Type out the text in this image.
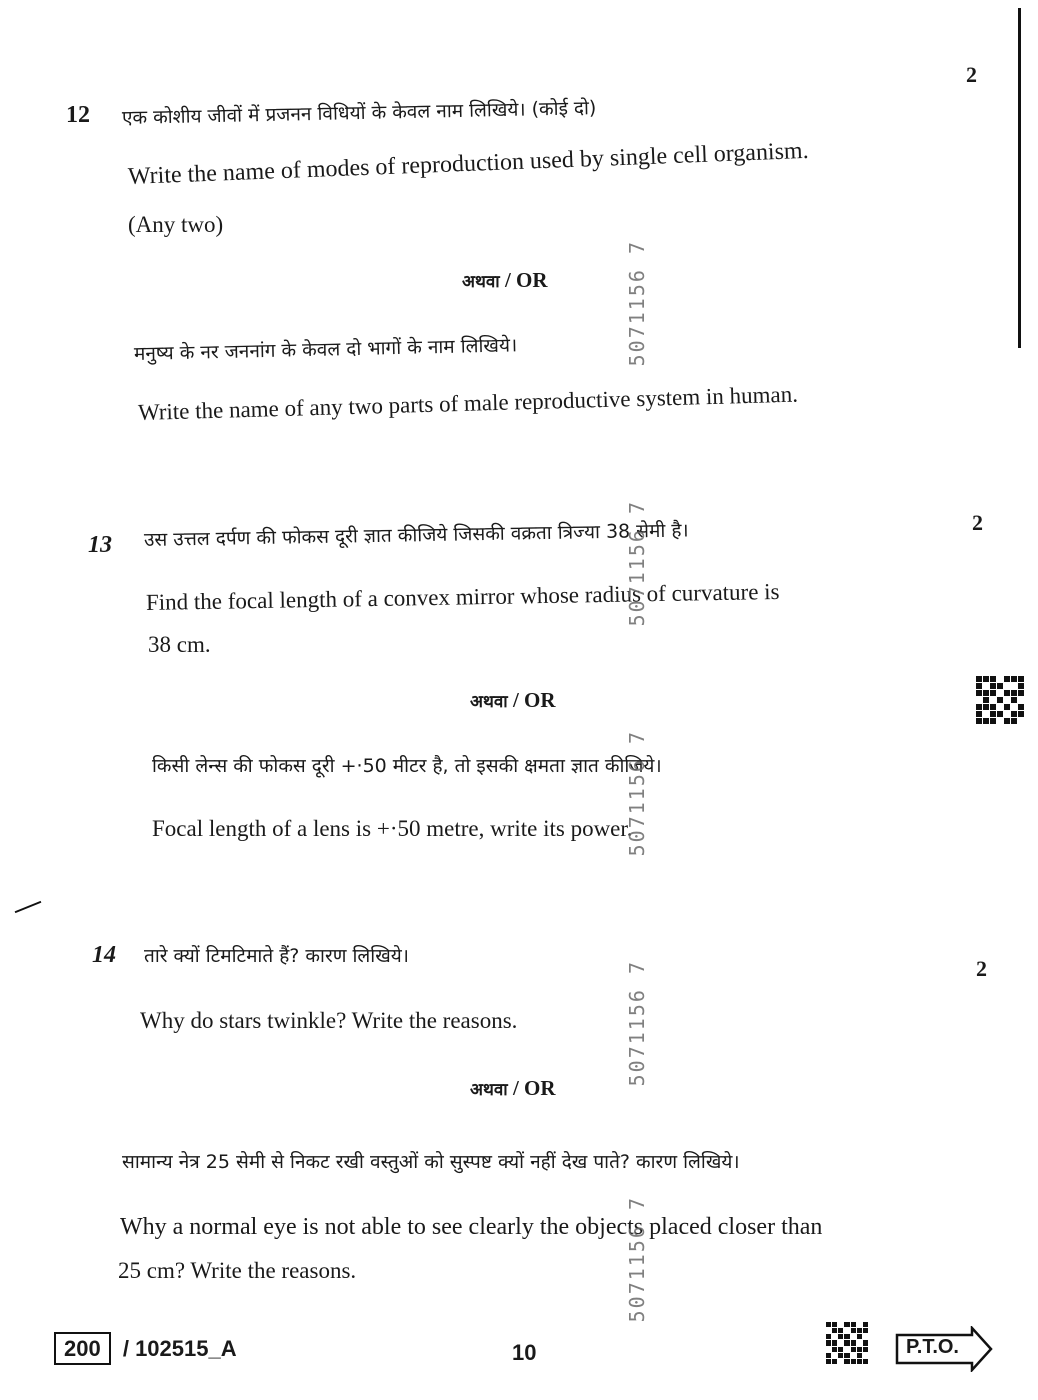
2
12 एक कोशीय जीवों में प्रजनन विधियों के केवल नाम लिखिये। (कोई दो)
Write the name of modes of reproduction used by single cell organism.
(Any two)
अथवा / OR
मनुष्य के नर जननांग के केवल दो भागों के नाम लिखिये।
Write the name of any two parts of male reproductive system in human.
2
13 उस उत्तल दर्पण की फोकस दूरी ज्ञात कीजिये जिसकी वक्रता त्रिज्या 38 सेमी है।
Find the focal length of a convex mirror whose radius of curvature is
38 cm.
अथवा / OR
किसी लेन्स की फोकस दूरी +·50 मीटर है, तो इसकी क्षमता ज्ञात कीजिये।
Focal length of a lens is +·50 metre, write its power.
2
14 तारे क्यों टिमटिमाते हैं? कारण लिखिये।
Why do stars twinkle? Write the reasons.
अथवा / OR
सामान्य नेत्र 25 सेमी से निकट रखी वस्तुओं को सुस्पष्ट क्यों नहीं देख पाते? कारण लिखिये।
Why a normal eye is not able to see clearly the objects placed closer than
25 cm? Write the reasons.
5071156 7
5071156 7
5071156 7
5071156 7
5071156 7
200 / 102515_A	10	P.T.O.
